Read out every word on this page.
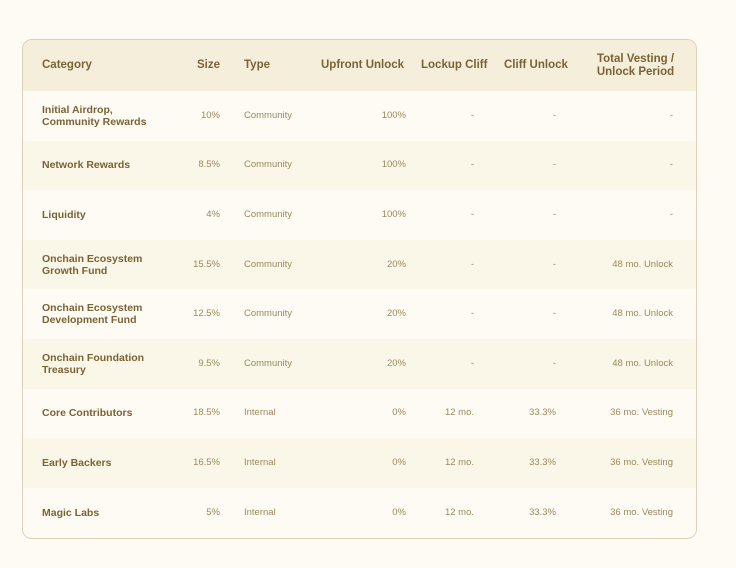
Category	Size	Type	Upfront Unlock	Lockup Cliff	Cliff Unlock	Total Vesting /
Unlock Period
Initial Airdrop,
Community Rewards	10%	Community	100%	-	-	-
Network Rewards	8.5%	Community	100%	-	-	-
Liquidity	4%	Community	100%	-	-	-
Onchain Ecosystem
Growth Fund	15.5%	Community	20%	-	-	48 mo. Unlock
Onchain Ecosystem
Development Fund	12.5%	Community	20%	-	-	48 mo. Unlock
Onchain Foundation
Treasury	9.5%	Community	20%	-	-	48 mo. Unlock
Core Contributors	18.5%	Internal	0%	12 mo.	33.3%	36 mo. Vesting
Early Backers	16.5%	Internal	0%	12 mo.	33.3%	36 mo. Vesting
Magic Labs	5%	Internal	0%	12 mo.	33.3%	36 mo. Vesting
